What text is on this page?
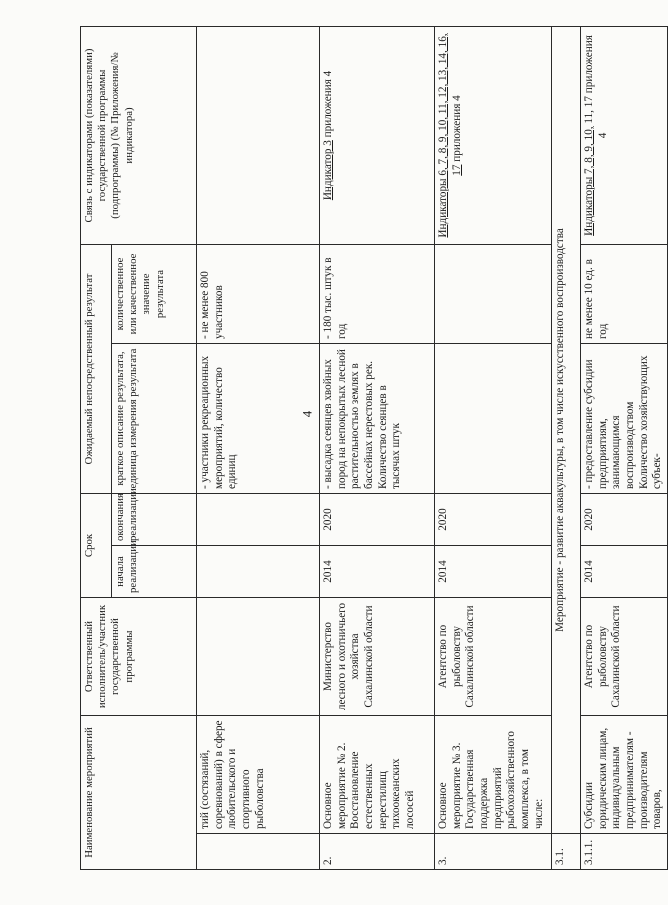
4
Наименование мероприятий		Ответственный исполнитель/участник государственной программы	Срок		Ожидаемый непосредственный результат		Связь с индикаторами (показателями) государственной программы (подпрограммы) (№ Приложения/№ индикатора)
			начала реализации	окончания реализации	краткое описание результата, единица измерения результата	количественное или качественное значение результата	
	тий (состязаний, соревнований) в сфере любительского и спортивного рыболовства				- участники рекреационных мероприятий, количество единиц	- не менее 800 участников	
2.	Основное мероприятие № 2. Восстановление естественных нерестилищ тихоокеанских лососей	Министерство лесного и охотничьего хозяйства Сахалинской области	2014	2020	- высадка сеянцев хвойных пород на непокрытых лесной растительностью землях в бассейнах нерестовых рек. Количество сеянцев в тысячах штук	- 180 тыс. штук в год	Индикатор 3 приложения 4
3.	Основное мероприятие № 3. Государственная поддержка предприятий рыбохозяйственного комплекса, в том числе:	Агентство по рыболовству Сахалинской области	2014	2020			Индикаторы 6, 7, 8, 9, 10, 11, 12, 13, 14, 16, 17 приложения 4
3.1.	Мероприятие - развитие аквакультуры, в том числе искусственного воспроизводства						
3.1.1.	Субсидии юридическим лицам, индивидуальным предпринимателям - производителям товаров,	Агентство по рыболовству Сахалинской области	2014	2020	- предоставление субсидии предприятиям, занимающимся воспроизводством Количество хозяйствующих субъек-	не менее 10 ед. в год	Индикаторы 7, 8, 9, 10, 11, 17 приложения 4
